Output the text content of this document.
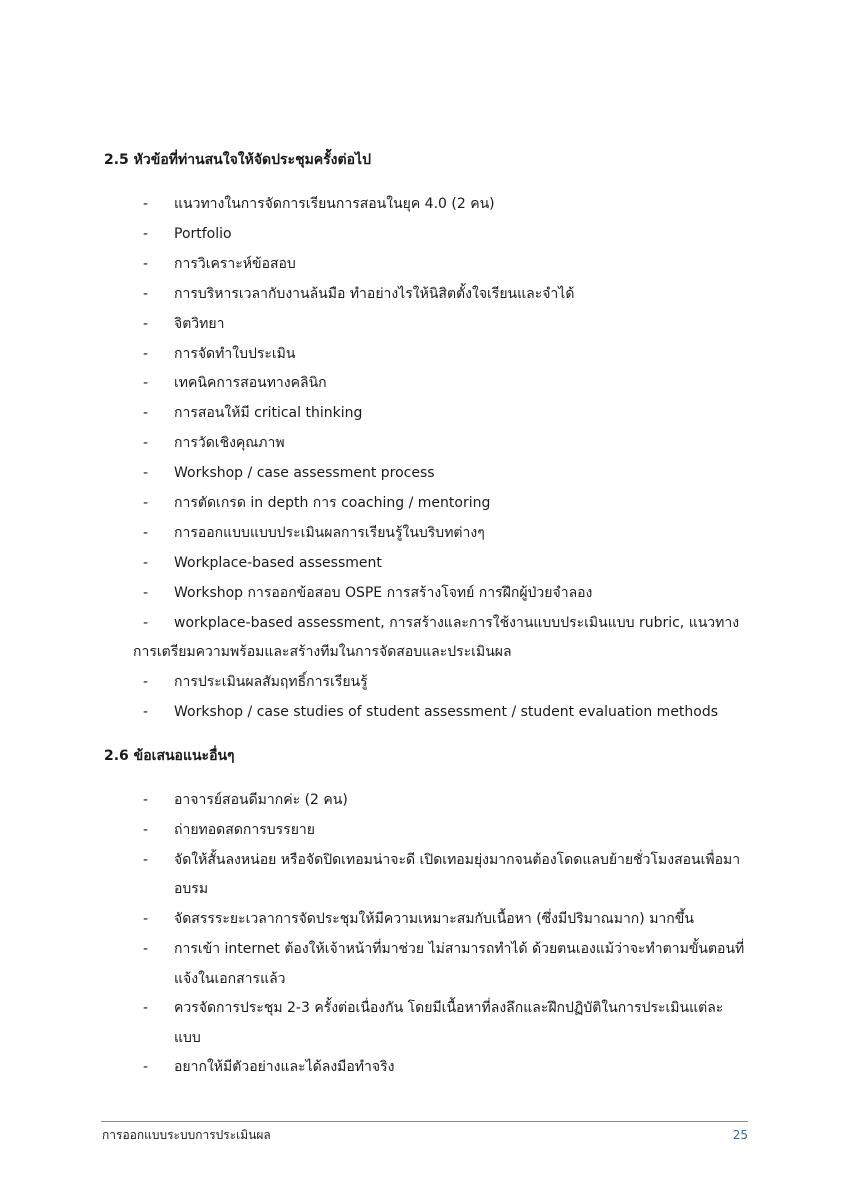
2.5 หัวข้อที่ท่านสนใจให้จัดประชุมครั้งต่อไป
-	แนวทางในการจัดการเรียนการสอนในยุค 4.0 (2 คน)
-	Portfolio
-	การวิเคราะห์ข้อสอบ
-	การบริหารเวลากับงานล้นมือ ทำอย่างไรให้นิสิตตั้งใจเรียนและจำได้
-	จิตวิทยา
-	การจัดทำใบประเมิน
-	เทคนิคการสอนทางคลินิก
-	การสอนให้มี critical thinking
-	การวัดเชิงคุณภาพ
-	Workshop / case assessment process
-	การตัดเกรด in depth การ coaching / mentoring
-	การออกแบบแบบประเมินผลการเรียนรู้ในบริบทต่างๆ
-	Workplace-based assessment
-	Workshop การออกข้อสอบ OSPE การสร้างโจทย์ การฝึกผู้ป่วยจำลอง
-	workplace-based assessment, การสร้างและการใช้งานแบบประเมินแบบ rubric, แนวทาง
การเตรียมความพร้อมและสร้างทีมในการจัดสอบและประเมินผล
-	การประเมินผลสัมฤทธิ์การเรียนรู้
-	Workshop / case studies of student assessment / student evaluation methods
2.6 ข้อเสนอแนะอื่นๆ
-	อาจารย์สอนดีมากค่ะ (2 คน)
-	ถ่ายทอดสดการบรรยาย
-	จัดให้สั้นลงหน่อย หรือจัดปิดเทอมน่าจะดี เปิดเทอมยุ่งมากจนต้องโดดแลบย้ายชั่วโมงสอนเพื่อมา
อบรม
-	จัดสรรระยะเวลาการจัดประชุมให้มีความเหมาะสมกับเนื้อหา (ซึ่งมีปริมาณมาก) มากขึ้น
-	การเข้า internet ต้องให้เจ้าหน้าที่มาช่วย ไม่สามารถทำได้ ด้วยตนเองแม้ว่าจะทำตามขั้นตอนที่
แจ้งในเอกสารแล้ว
-	ควรจัดการประชุม 2-3 ครั้งต่อเนื่องกัน โดยมีเนื้อหาที่ลงลึกและฝึกปฏิบัติในการประเมินแต่ละ
แบบ
-	อยากให้มีตัวอย่างและได้ลงมือทำจริง
การออกแบบระบบการประเมินผล	25
